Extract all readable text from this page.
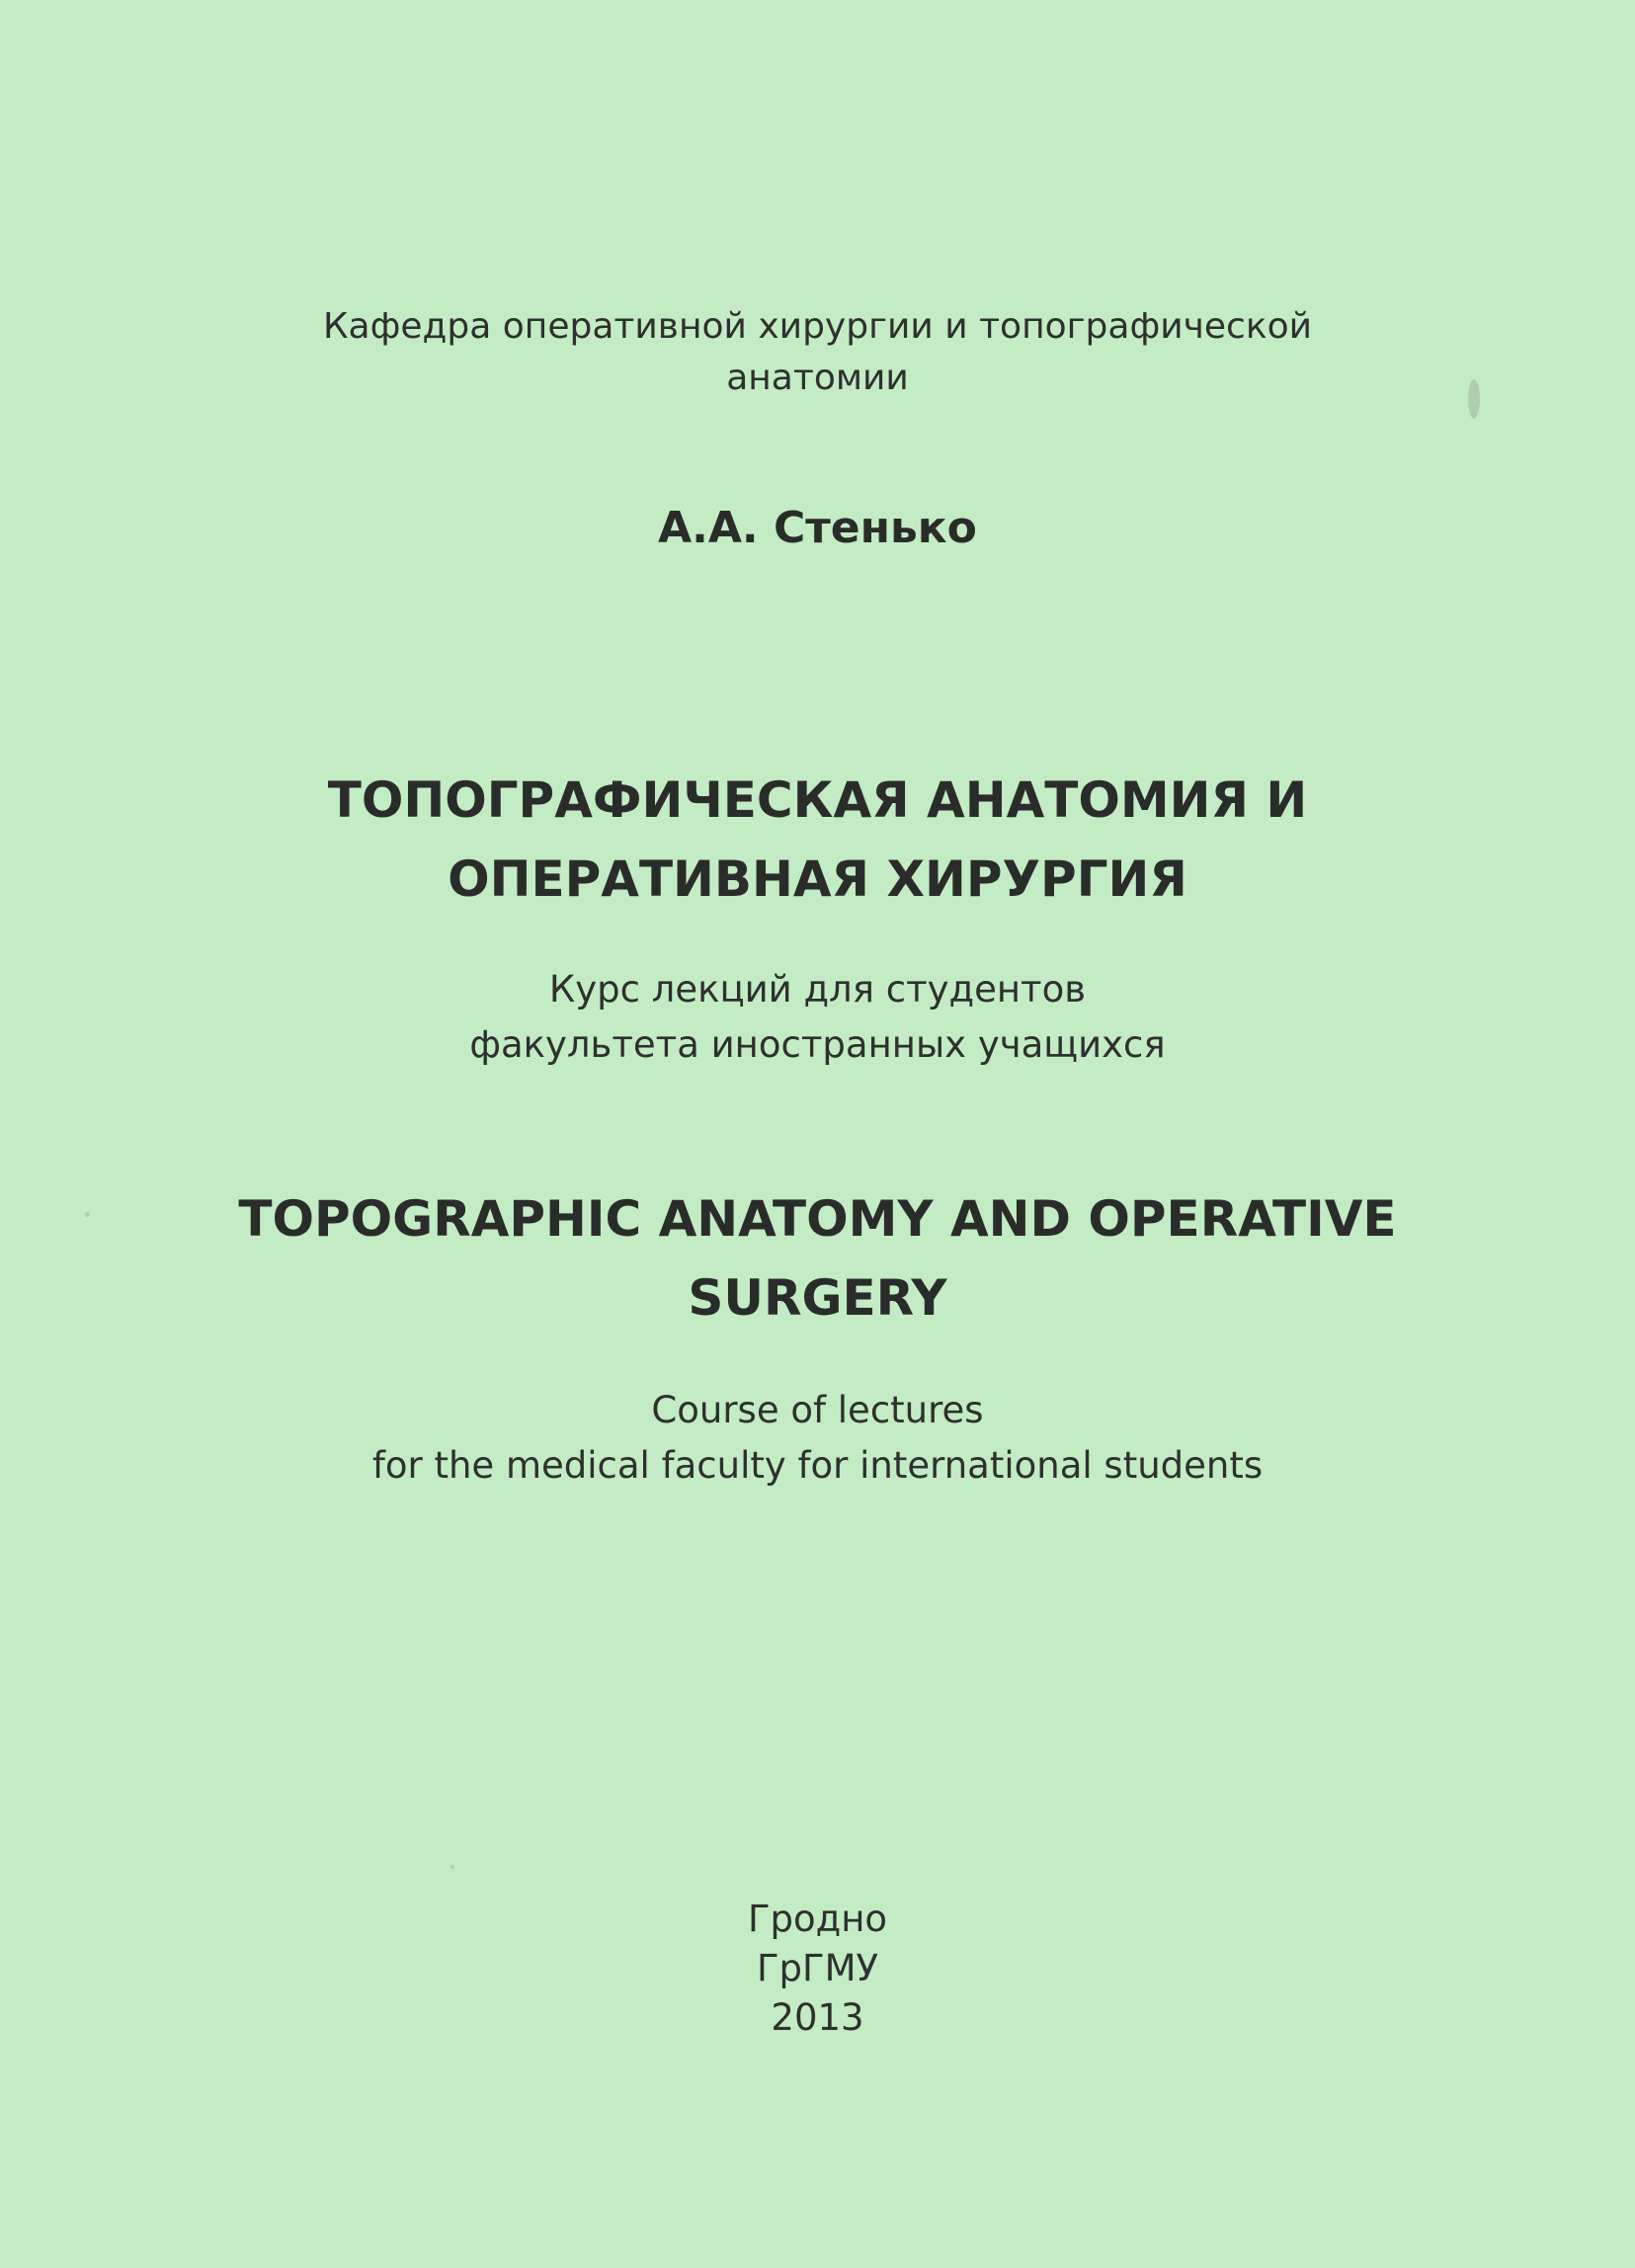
Кафедра оперативной хирургии и топографической
анатомии
А.А. Стенько
ТОПОГРАФИЧЕСКАЯ АНАТОМИЯ И
ОПЕРАТИВНАЯ ХИРУРГИЯ
Курс лекций для студентов
факультета иностранных учащихся
TOPOGRAPHIC ANATOMY AND OPERATIVE
SURGERY
Course of lectures
for the medical faculty for international students
Гродно
ГрГМУ
2013
